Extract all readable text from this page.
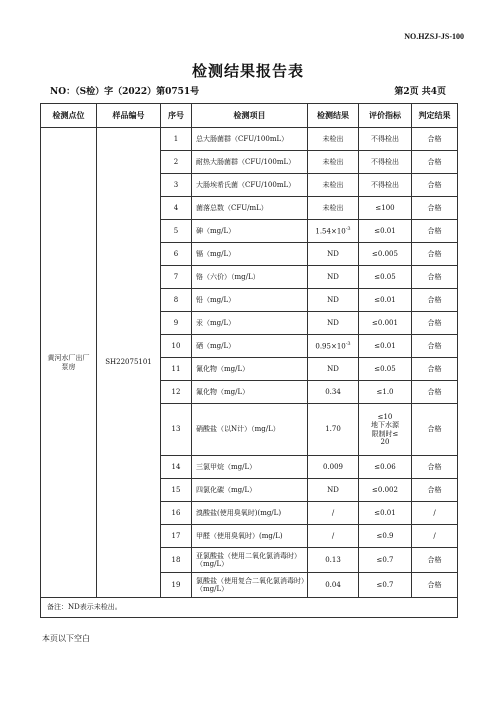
NO.HZSJ-JS-100
检测结果报告表
NO：（S检）字（2022）第0751号	第2页 共4页
检测点位	样品编号	序号	检测项目	检测结果	评价指标	判定结果
黄河水厂出厂泵房	SH22075101	1	总大肠菌群（CFU/100mL）	未检出	不得检出	合格
		2	耐热大肠菌群（CFU/100mL）	未检出	不得检出	合格
		3	大肠埃希氏菌（CFU/100mL）	未检出	不得检出	合格
		4	菌落总数（CFU/mL）	未检出	≤100	合格
		5	砷（mg/L）	$1.54\times 10^{-3}$	≤0.01	合格
		6	镉（mg/L）	ND	≤0.005	合格
		7	铬（六价）（mg/L）	ND	≤0.05	合格
		8	铅（mg/L）	ND	≤0.01	合格
		9	汞（mg/L）	ND	≤0.001	合格
		10	硒（mg/L）	$0.95\times 10^{-3}$	≤0.01	合格
		11	氰化物（mg/L）	ND	≤0.05	合格
		12	氟化物（mg/L）	0.34	≤1.0	合格
		13	硝酸盐（以N计）（mg/L）	1.70	≤10
地下水源
限制时≤
20	合格
		14	三氯甲烷（mg/L）	0.009	≤0.06	合格
		15	四氯化碳（mg/L）	ND	≤0.002	合格
		16	溴酸盐(使用臭氧时)(mg/L)	/	≤0.01	/
		17	甲醛（使用臭氧时）(mg/L)	/	≤0.9	/
		18	亚氯酸盐（使用二氧化氯消毒时）（mg/L）	0.13	≤0.7	合格
		19	氯酸盐（使用复合二氧化氯消毒时）（mg/L）	0.04	≤0.7	合格
备注：ND表示未检出。						
本页以下空白
